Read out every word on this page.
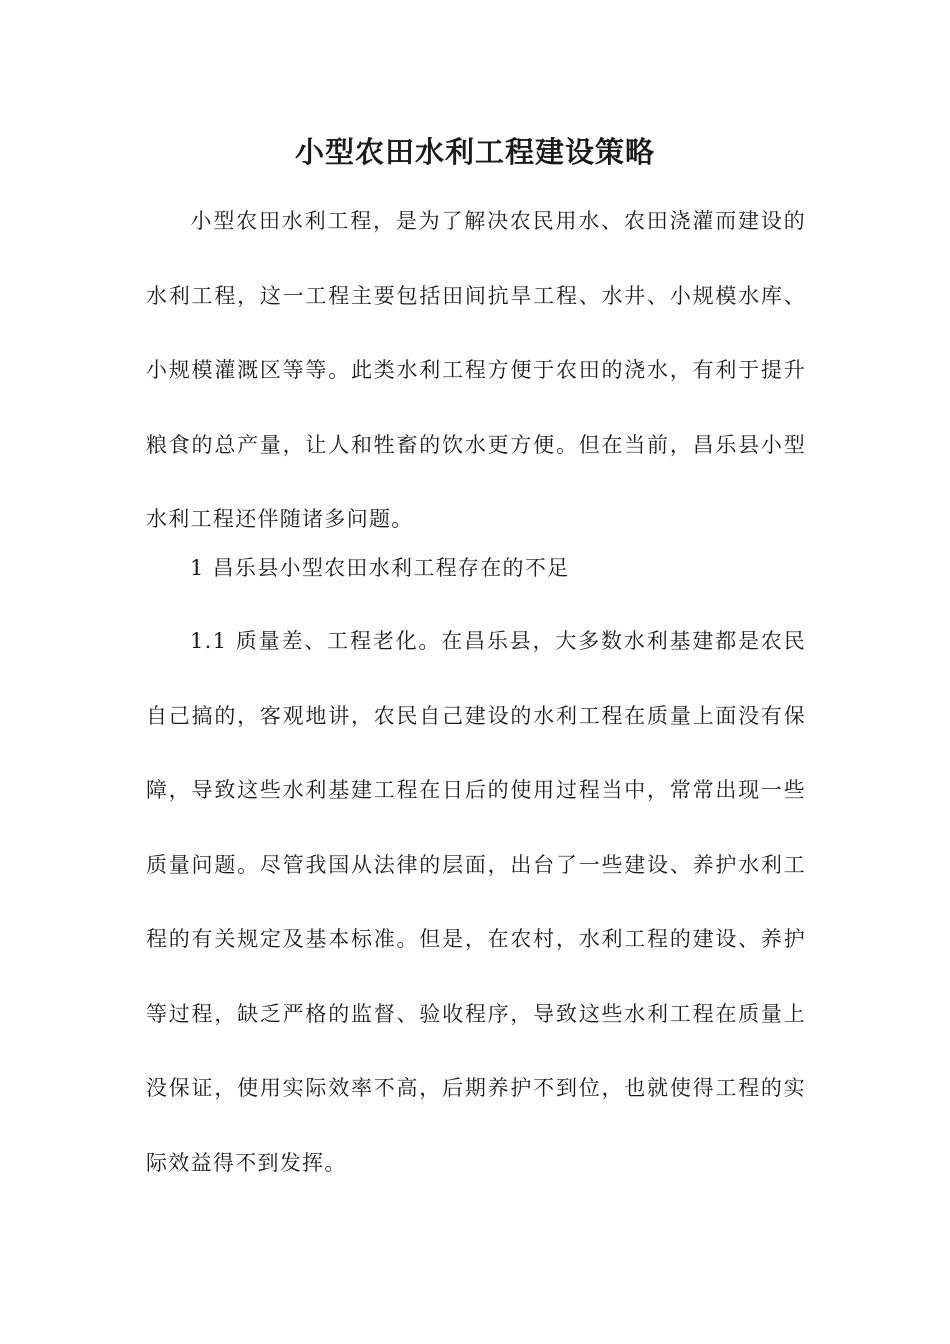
小型农田水利工程建设策略
小型农田水利工程，是为了解决农民用水、农田浇灌而建设的水利工程，这一工程主要包括田间抗旱工程、水井、小规模水库、小规模灌溉区等等。此类水利工程方便于农田的浇水，有利于提升粮食的总产量，让人和牲畜的饮水更方便。但在当前，昌乐县小型水利工程还伴随诸多问题。
1 昌乐县小型农田水利工程存在的不足
1.1 质量差、工程老化。在昌乐县，大多数水利基建都是农民自己搞的，客观地讲，农民自己建设的水利工程在质量上面没有保障，导致这些水利基建工程在日后的使用过程当中，常常出现一些质量问题。尽管我国从法律的层面，出台了一些建设、养护水利工程的有关规定及基本标准。但是，在农村，水利工程的建设、养护等过程，缺乏严格的监督、验收程序，导致这些水利工程在质量上没保证，使用实际效率不高，后期养护不到位，也就使得工程的实际效益得不到发挥。
